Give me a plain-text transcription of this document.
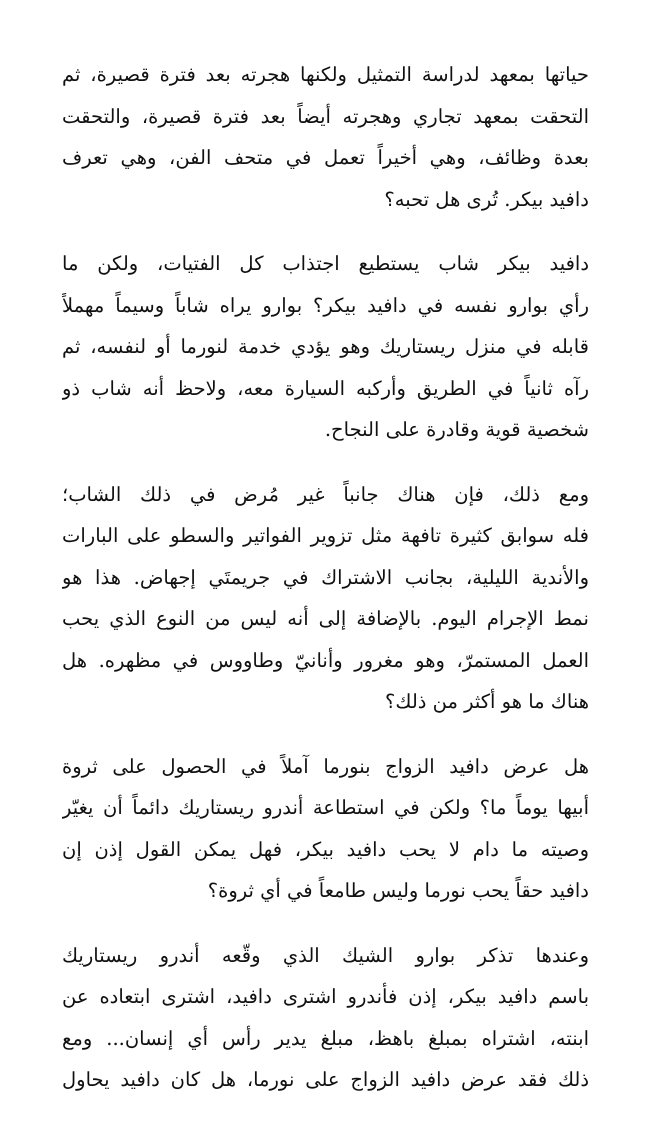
حياتها بمعهد لدراسة التمثيل ولكنها هجرته بعد فترة قصيرة، ثم
التحقت بمعهد تجاري وهجرته أيضاً بعد فترة قصيرة، والتحقت
بعدة وظائف، وهي أخيراً تعمل في متحف الفن، وهي تعرف
دافيد بيكر. تُرى هل تحبه؟
دافيد بيكر شاب يستطيع اجتذاب كل الفتيات، ولكن ما
رأي بوارو نفسه في دافيد بيكر؟ بوارو يراه شاباً وسيماً مهملاً
قابله في منزل ريستاريك وهو يؤدي خدمة لنورما أو لنفسه، ثم
رآه ثانياً في الطريق وأركبه السيارة معه، ولاحظ أنه شاب ذو
شخصية قوية وقادرة على النجاح.
ومع ذلك، فإن هناك جانباً غير مُرض في ذلك الشاب؛
فله سوابق كثيرة تافهة مثل تزوير الفواتير والسطو على البارات
والأندية الليلية، بجانب الاشتراك في جريمتَي إجهاض. هذا هو
نمط الإجرام اليوم. بالإضافة إلى أنه ليس من النوع الذي يحب
العمل المستمرّ، وهو مغرور وأنانيّ وطاووس في مظهره. هل
هناك ما هو أكثر من ذلك؟
هل عرض دافيد الزواج بنورما آملاً في الحصول على ثروة
أبيها يوماً ما؟ ولكن في استطاعة أندرو ريستاريك دائماً أن يغيّر
وصيته ما دام لا يحب دافيد بيكر، فهل يمكن القول إذن إن
دافيد حقاً يحب نورما وليس طامعاً في أي ثروة؟
وعندها تذكر بوارو الشيك الذي وقّعه أندرو ريستاريك
باسم دافيد بيكر، إذن فأندرو اشترى دافيد، اشترى ابتعاده عن
ابنته، اشتراه بمبلغ باهظ، مبلغ يدير رأس أي إنسان... ومع
ذلك فقد عرض دافيد الزواج على نورما، هل كان دافيد يحاول
